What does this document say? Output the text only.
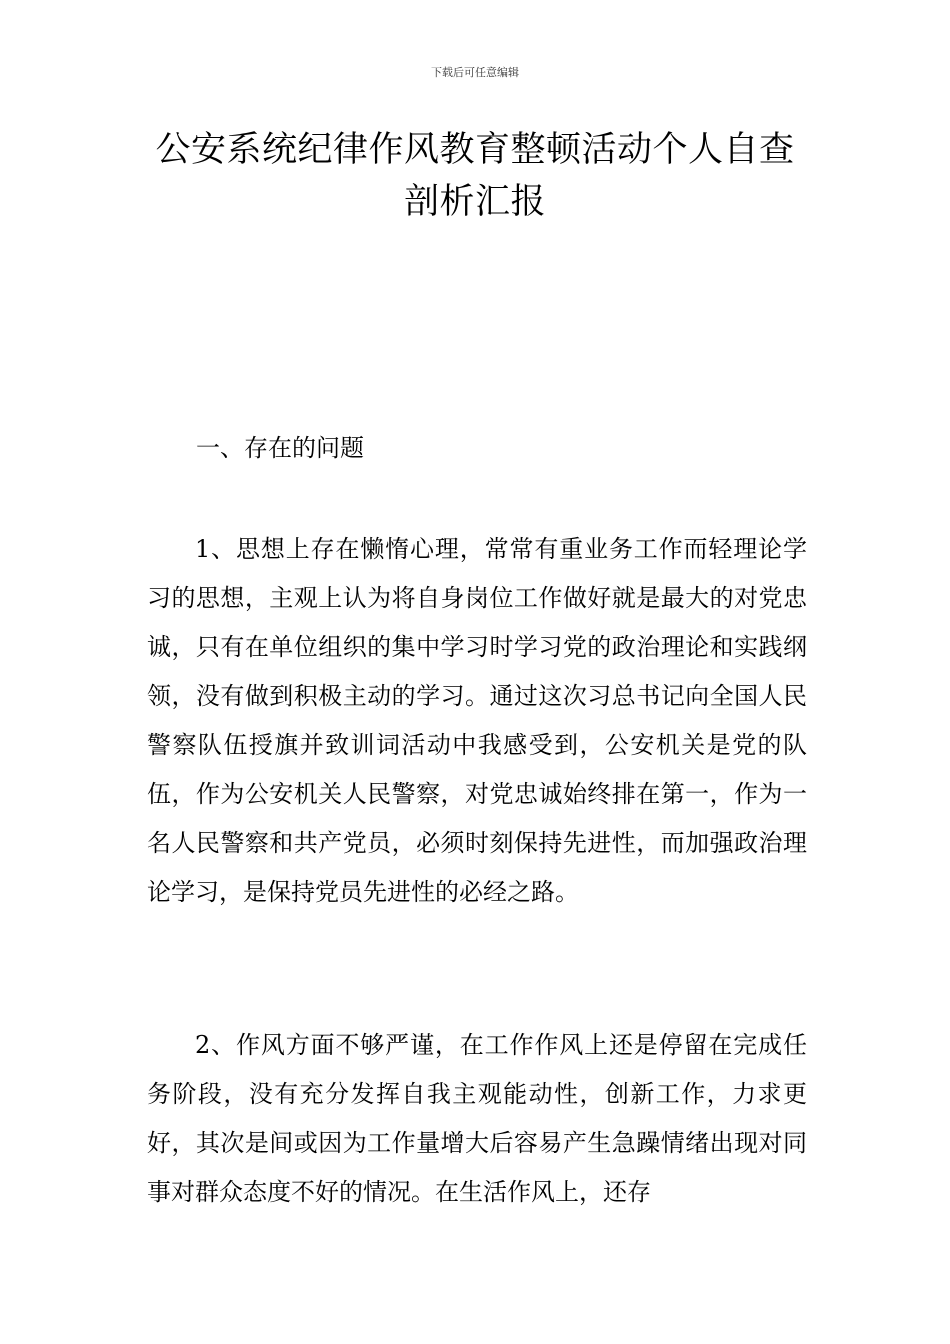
下载后可任意编辑
公安系统纪律作风教育整顿活动个人自查剖析汇报
一、存在的问题

1、思想上存在懒惰心理，常常有重业务工作而轻理论学习的思想，主观上认为将自身岗位工作做好就是最大的对党忠诚，只有在单位组织的集中学习时学习党的政治理论和实践纲领，没有做到积极主动的学习。通过这次习总书记向全国人民警察队伍授旗并致训词活动中我感受到，公安机关是党的队伍，作为公安机关人民警察，对党忠诚始终排在第一，作为一名人民警察和共产党员，必须时刻保持先进性，而加强政治理论学习，是保持党员先进性的必经之路。

2、作风方面不够严谨，在工作作风上还是停留在完成任务阶段，没有充分发挥自我主观能动性，创新工作，力求更好，其次是间或因为工作量增大后容易产生急躁情绪出现对同事对群众态度不好的情况。在生活作风上，还存
